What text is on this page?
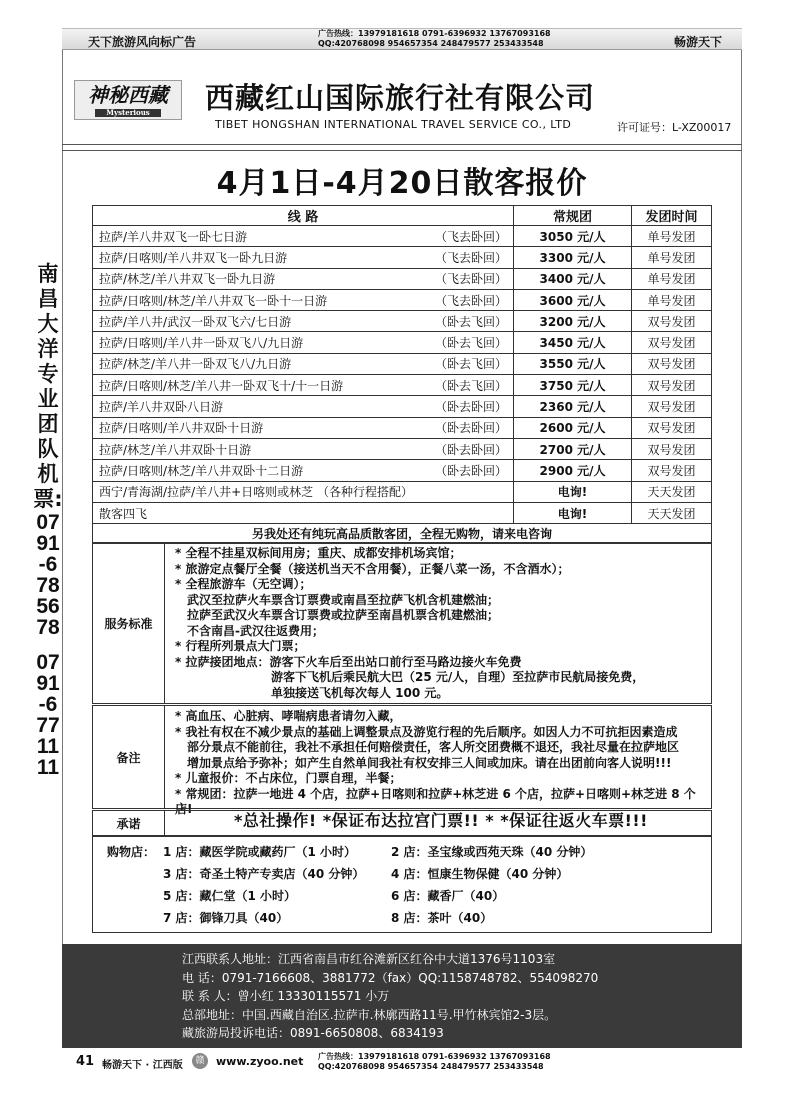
天下旅游风向标广告
广告热线：13979181618 0791-6396932 13767093168
QQ:420768098 954657354 248479577 253433548	畅游天下
南昌大洋专业团队机票:
0791-6785678
0791-6771111
神秘西藏
Mysterious	西藏红山国际旅行社有限公司
TIBET HONGSHAN INTERNATIONAL TRAVEL SERVICE CO., LTD	许可证号：L-XZ00017
4月1日-4月20日散客报价
线 路	常规团	发团时间
拉萨/羊八井双飞一卧七日游 （飞去卧回）	3050 元/人	单号发团
拉萨/日喀则/羊八井双飞一卧九日游 （飞去卧回）	3300 元/人	单号发团
拉萨/林芝/羊八井双飞一卧九日游 （飞去卧回）	3400 元/人	单号发团
拉萨/日喀则/林芝/羊八井双飞一卧十一日游 （飞去卧回）	3600 元/人	单号发团
拉萨/羊八井/武汉一卧双飞六/七日游 （卧去飞回）	3200 元/人	双号发团
拉萨/日喀则/羊八井一卧双飞八/九日游 （卧去飞回）	3450 元/人	双号发团
拉萨/林芝/羊八井一卧双飞八/九日游 （卧去飞回）	3550 元/人	双号发团
拉萨/日喀则/林芝/羊八井一卧双飞十/十一日游 （卧去飞回）	3750 元/人	双号发团
拉萨/羊八井双卧八日游 （卧去卧回）	2360 元/人	双号发团
拉萨/日喀则/羊八井双卧十日游 （卧去卧回）	2600 元/人	双号发团
拉萨/林芝/羊八井双卧十日游 （卧去卧回）	2700 元/人	双号发团
拉萨/日喀则/林芝/羊八井双卧十二日游 （卧去卧回）	2900 元/人	双号发团
西宁/青海湖/拉萨/羊八井+日喀则或林芝 （各种行程搭配）	电询!	天天发团
散客四飞	电询!	天天发团
另我处还有纯玩高品质散客团，全程无购物，请来电咨询		
服务标准
* 全程不挂星双标间用房；重庆、成都安排机场宾馆；
* 旅游定点餐厅全餐（接送机当天不含用餐），正餐八菜一汤，不含酒水）；
* 全程旅游车（无空调）；
武汉至拉萨火车票含订票费或南昌至拉萨飞机含机建燃油；
拉萨至武汉火车票含订票费或拉萨至南昌机票含机建燃油；
不含南昌-武汉往返费用；
* 行程所列景点大门票；
* 拉萨接团地点：游客下火车后至出站口前行至马路边接火车免费
游客下飞机后乘民航大巴（25 元/人，自理）至拉萨市民航局接免费，
单独接送飞机每次每人 100 元。
备注
* 高血压、心脏病、哮喘病患者请勿入藏，
* 我社有权在不减少景点的基础上调整景点及游览行程的先后顺序。如因人力不可抗拒因素造成
部分景点不能前往，我社不承担任何赔偿责任，客人所交团费概不退还，我社尽量在拉萨地区
增加景点给予弥补；如产生自然单间我社有权安排三人间或加床。请在出团前向客人说明!!!
* 儿童报价：不占床位，门票自理，半餐；
* 常规团：拉萨一地进 4 个店，拉萨+日喀则和拉萨+林芝进 6 个店，拉萨+日喀则+林芝进 8 个店!
承诺	*总社操作! *保证布达拉宫门票!! * *保证往返火车票!!!
购物店： 1 店：藏医学院或藏药厂（1 小时）	2 店：圣宝缘或西苑天珠（40 分钟）
3 店：奇圣土特产专卖店（40 分钟） 4 店：恒康生物保健（40 分钟）
5 店：藏仁堂（1 小时）	6 店：藏香厂（40）
7 店：御锋刀具（40）	8 店：茶叶（40）
江西联系人地址：江西省南昌市红谷滩新区红谷中大道1376号1103室
电 话：0791-7166608、3881772（fax）QQ:1158748782、554098270
联 系 人：曾小红 13330115571 小万
总部地址：中国.西藏自治区.拉萨市.林廓西路11号.甲竹林宾馆2-3层。
藏旅游局投诉电话：0891-6650808、6834193
41 畅游天下 · 江西版	赣	www.zyoo.net 广告热线：13979181618 0791-6396932 13767093168
QQ:420768098 954657354 248479577 253433548
